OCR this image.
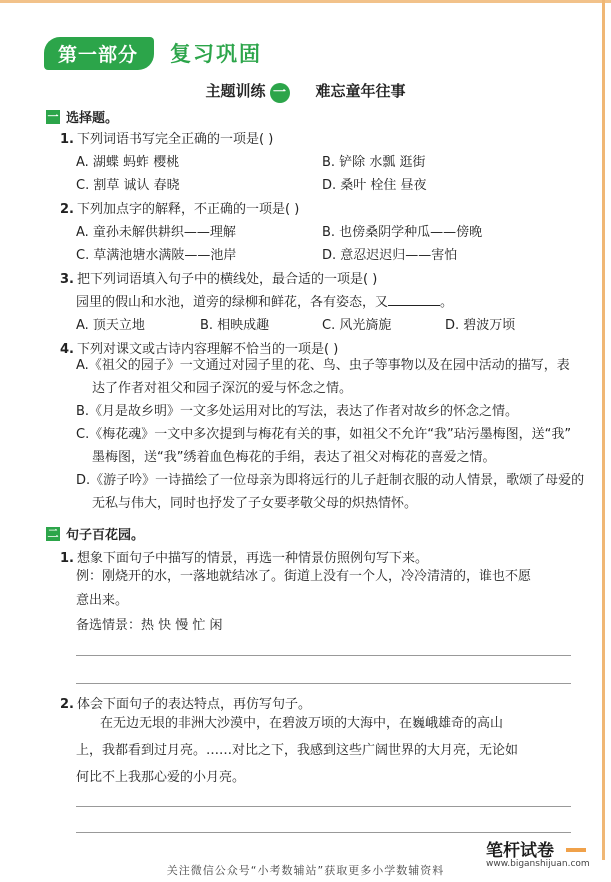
第一部分	复习巩固
主题训练 一 难忘童年往事
一 选择题。
1. 下列词语书写完全正确的一项是( )
A. 湖蝶 蚂蚱 樱桃	B. 铲除 水瓢 逛街
C. 割草 诚认 春晓	D. 桑叶 栓住 昼夜
2. 下列加点字的解释，不正确的一项是( )
A. 童孙未解供耕织——理解	B. 也傍桑阴学种瓜——傍晚
C. 草满池塘水满陂——池岸	D. 意忍迟迟归——害怕
3. 把下列词语填入句子中的横线处，最合适的一项是( )
园里的假山和水池，道旁的绿柳和鲜花，各有姿态，又	。
A. 顶天立地	B. 相映成趣	C. 风光旖旎	D. 碧波万顷
4. 下列对课文或古诗内容理解不恰当的一项是( )
A.《祖父的园子》一文通过对园子里的花、鸟、虫子等事物以及在园中活动的描写，表
达了作者对祖父和园子深沉的爱与怀念之情。
B.《月是故乡明》一文多处运用对比的写法，表达了作者对故乡的怀念之情。
C.《梅花魂》一文中多次提到与梅花有关的事，如祖父不允许“我”玷污墨梅图，送“我”
墨梅图，送“我”绣着血色梅花的手绢，表达了祖父对梅花的喜爱之情。
D.《游子吟》一诗描绘了一位母亲为即将远行的儿子赶制衣服的动人情景，歌颂了母爱的
无私与伟大，同时也抒发了子女要孝敬父母的炽热情怀。
二 句子百花园。
1. 想象下面句子中描写的情景，再选一种情景仿照例句写下来。
例：刚烧开的水，一落地就结冰了。街道上没有一个人，冷冷清清的，谁也不愿
意出来。
备选情景：热 快 慢 忙 闲
2. 体会下面句子的表达特点，再仿写句子。
在无边无垠的非洲大沙漠中，在碧波万顷的大海中，在巍峨雄奇的高山
上，我都看到过月亮。……对比之下，我感到这些广阔世界的大月亮，无论如
何比不上我那心爱的小月亮。
笔杆试卷
www.biganshijuan.com
关注微信公众号“小考数辅站”获取更多小学数辅资料
